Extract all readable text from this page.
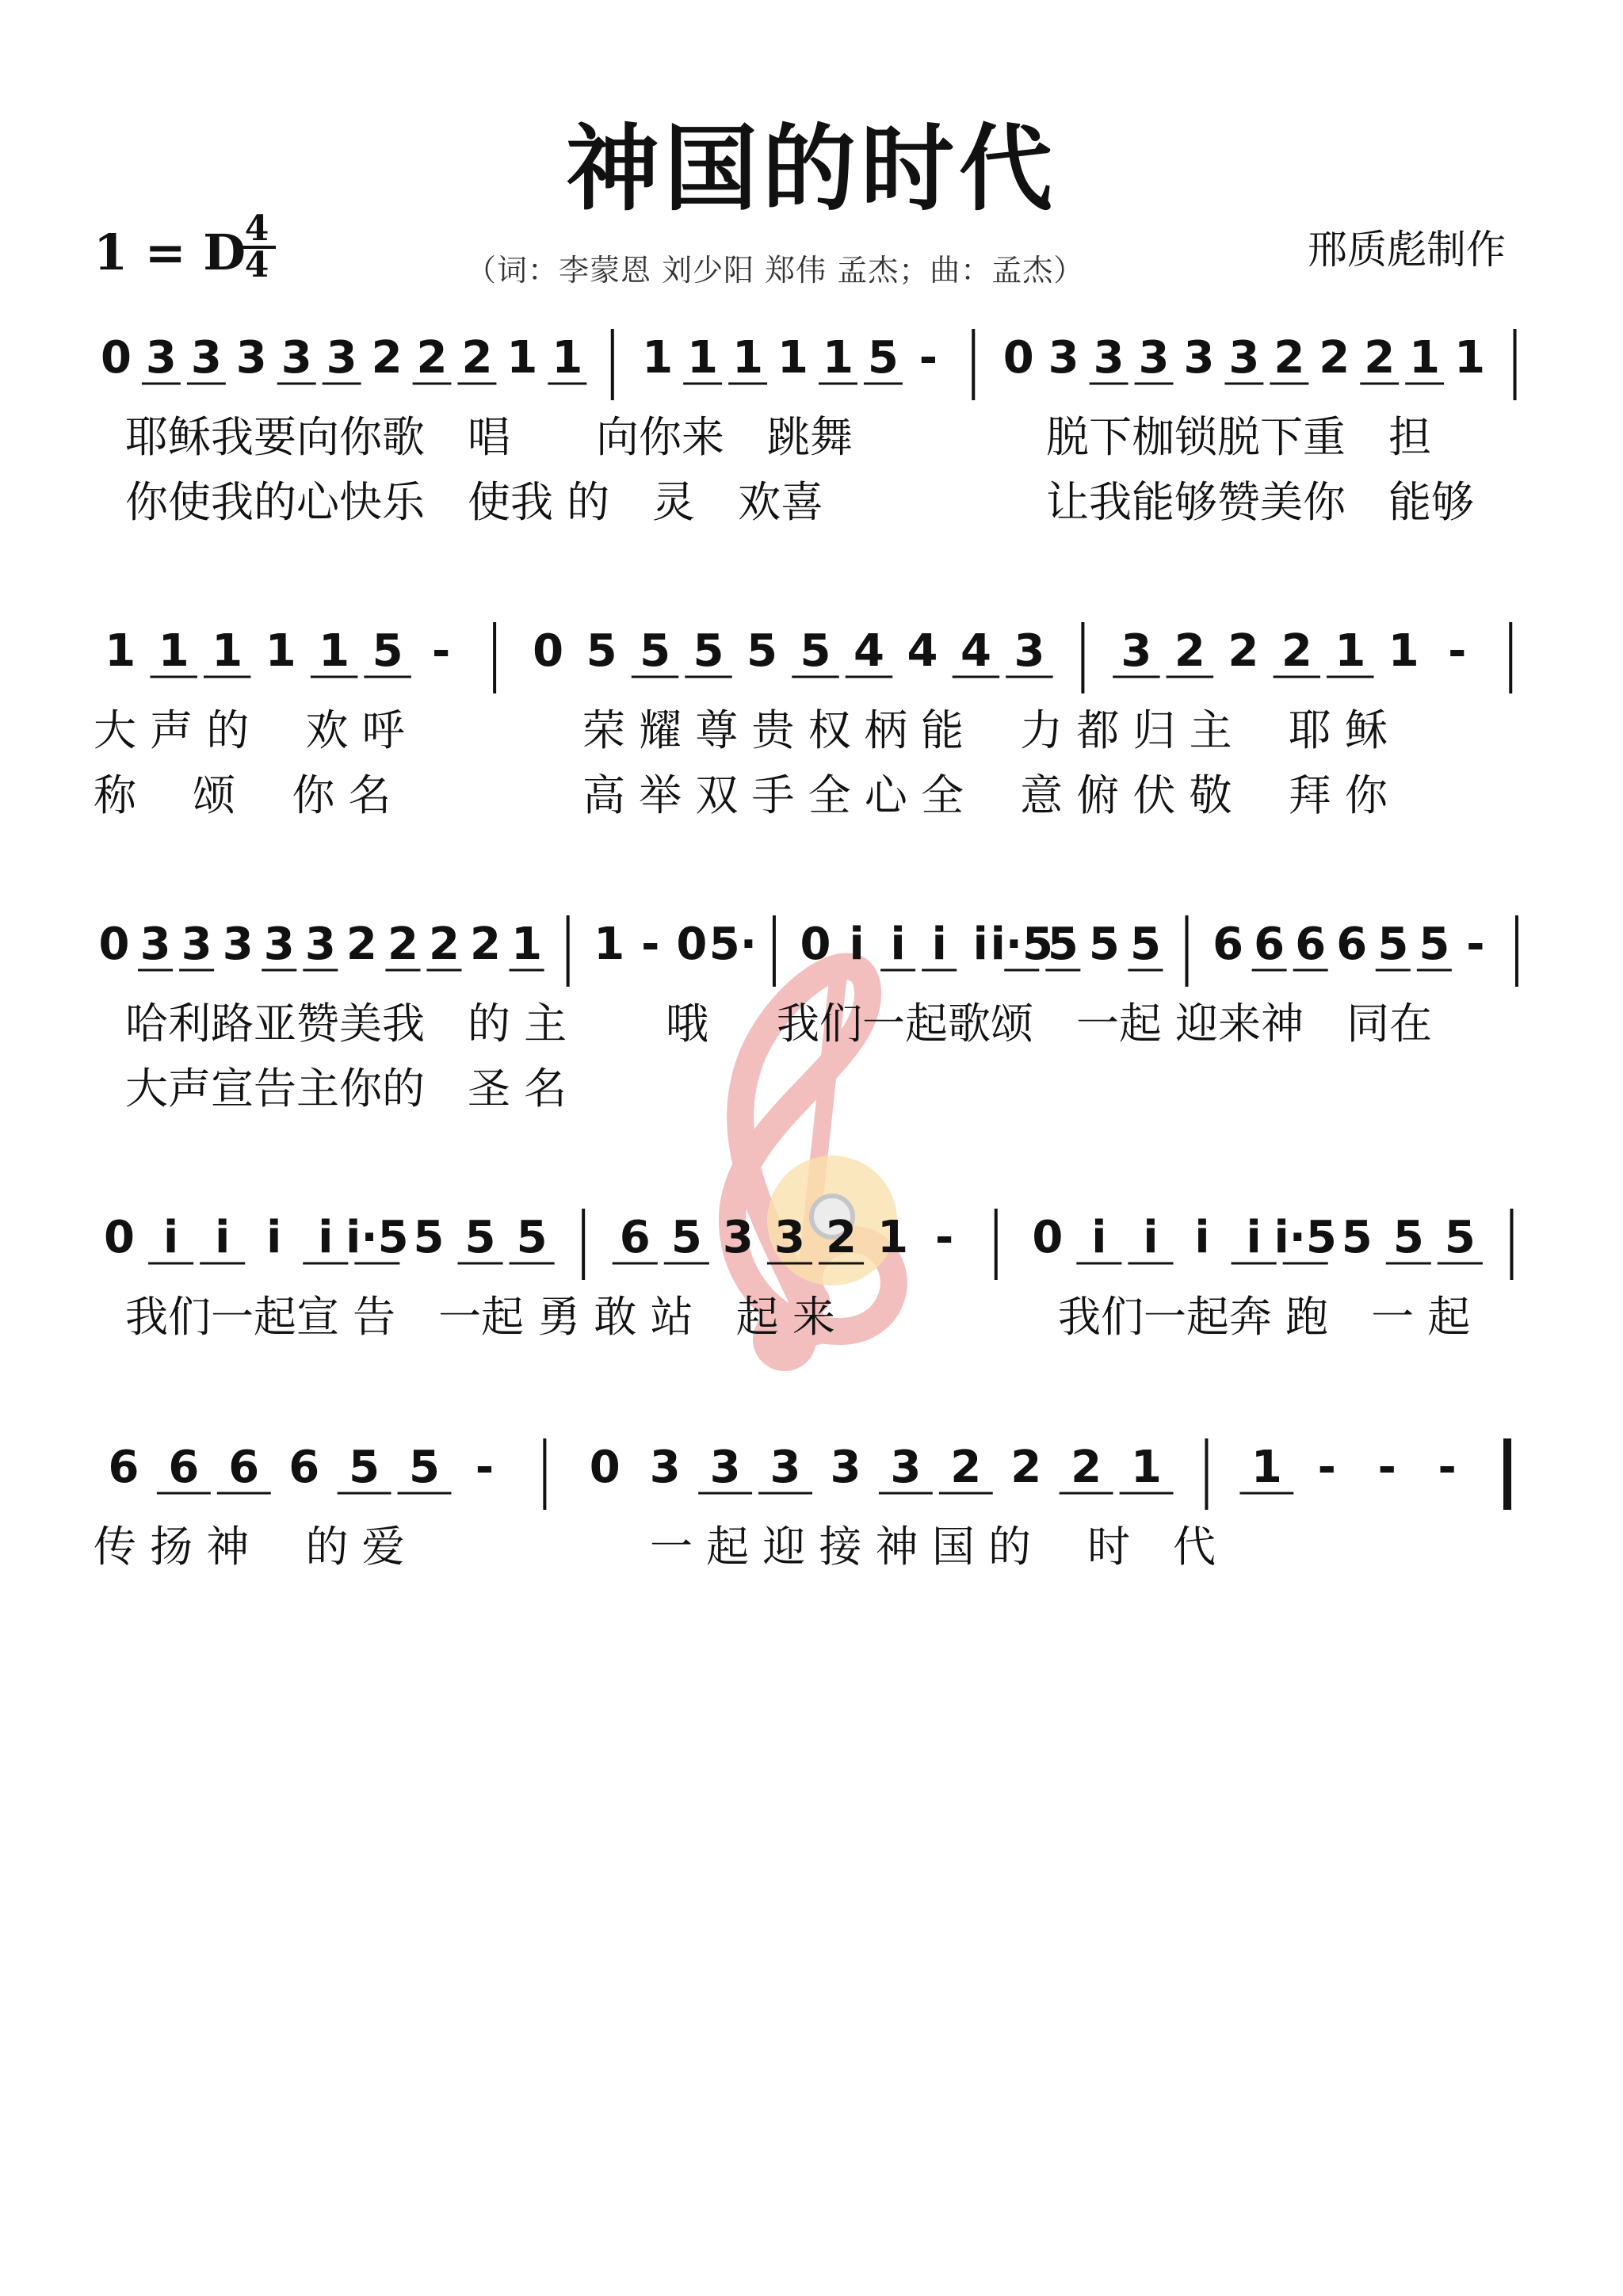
神国的时代
1 = D
4
4	（词：李蒙恩 刘少阳 郑伟 孟杰；曲：孟杰）	邢质彪制作
0 3 3 3 3 3 2 2 2 1 1 1 1 1 1 1 5 - 0 3 3 3 3 3 2 2 2 1 1
耶稣我要向你歌　唱　　向你来　跳舞
你使我的心快乐　使我 的　灵　欢喜
脱下枷锁脱下重　担
让我能够赞美你　能够
1 1 1 1 1 5 - 0 5 5 5 5 5 4 4 4 3 3 2 2 2 1 1 -
大 声 的　 欢 呼
称　 颂　 你 名
荣 耀 尊 贵 权 柄 能　 力 都 归 主　 耶 稣
高 举 双 手 全 心 全　 意 俯 伏 敬　 拜 你
0 3 3 3 3 3 2 2 2 2 1 1 - 0 5· 0 i i i i i·5
5 5 5 6 6 6 6 5 5 -
哈利路亚赞美我　的 主
大声宣告主你的　圣 名
哦 我们一起歌颂　一起 迎来神　同在
0 i i i i i·5 5 5 5 6 5 3 3 2 1 - 0 i i i i i·5 5 5 5
我们一起宣 告　一起 勇 敢 站　起 来	我们一起奔 跑　一 起
6 6 6 6 5 5 - 0 3 3 3 3 3 2 2 2 1 1 - - -
传 扬 神　 的 爱	一 起 迎 接 神 国 的　 时　代
